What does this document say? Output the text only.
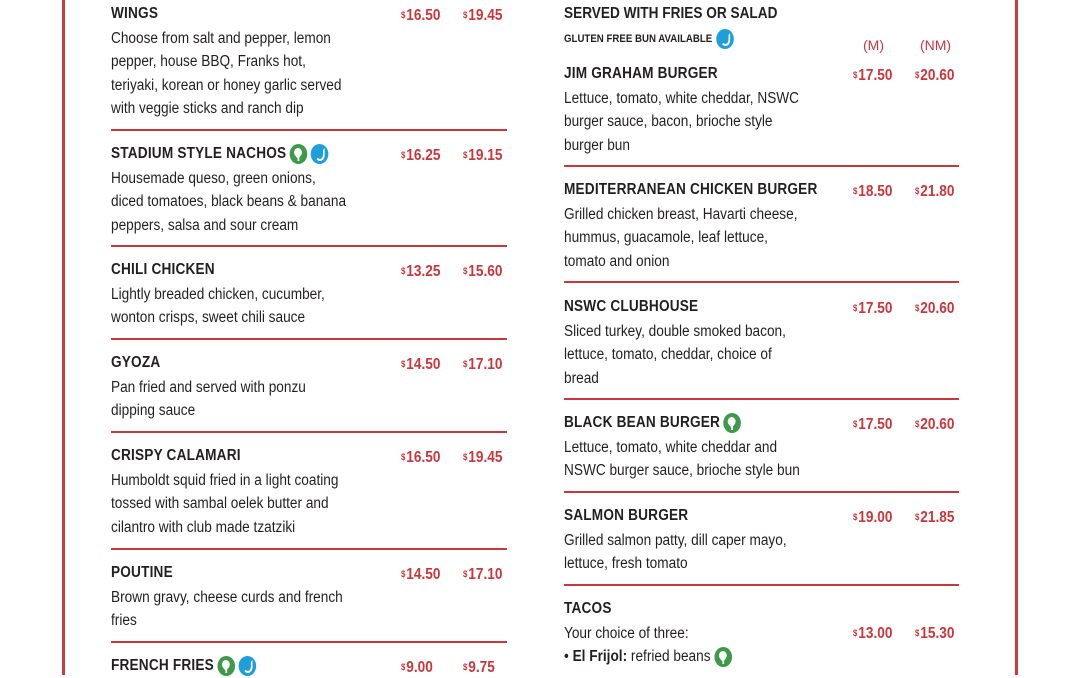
WINGS
Choose from salt and pepper, lemon
pepper, house BBQ, Franks hot,
teriyaki, korean or honey garlic served
with veggie sticks and ranch dip
$16.50	$19.45
STADIUM STYLE NACHOS
Housemade queso, green onions,
diced tomatoes, black beans & banana
peppers, salsa and sour cream
$16.25	$19.15
CHILI CHICKEN
Lightly breaded chicken, cucumber,
wonton crisps, sweet chili sauce
$13.25	$15.60
GYOZA
Pan fried and served with ponzu
dipping sauce
$14.50	$17.10
CRISPY CALAMARI
Humboldt squid fried in a light coating
tossed with sambal oelek butter and
cilantro with club made tzatziki
$16.50	$19.45
POUTINE
Brown gravy, cheese curds and french
fries
$14.50	$17.10
FRENCH FRIES	$9.00	$9.75
SERVED WITH FRIES OR SALAD
GLUTEN FREE BUN AVAILABLE	(M)	(NM)
JIM GRAHAM BURGER
Lettuce, tomato, white cheddar, NSWC
burger sauce, bacon, brioche style
burger bun
$17.50	$20.60
MEDITERRANEAN CHICKEN BURGER
Grilled chicken breast, Havarti cheese,
hummus, guacamole, leaf lettuce,
tomato and onion
$18.50	$21.80
NSWC CLUBHOUSE
Sliced turkey, double smoked bacon,
lettuce, tomato, cheddar, choice of
bread
$17.50	$20.60
BLACK BEAN BURGER
Lettuce, tomato, white cheddar and
NSWC burger sauce, brioche style bun
$17.50	$20.60
SALMON BURGER
Grilled salmon patty, dill caper mayo,
lettuce, fresh tomato
$19.00	$21.85
TACOS
Your choice of three:
• El Frijol: refried beans
$13.00	$15.30
